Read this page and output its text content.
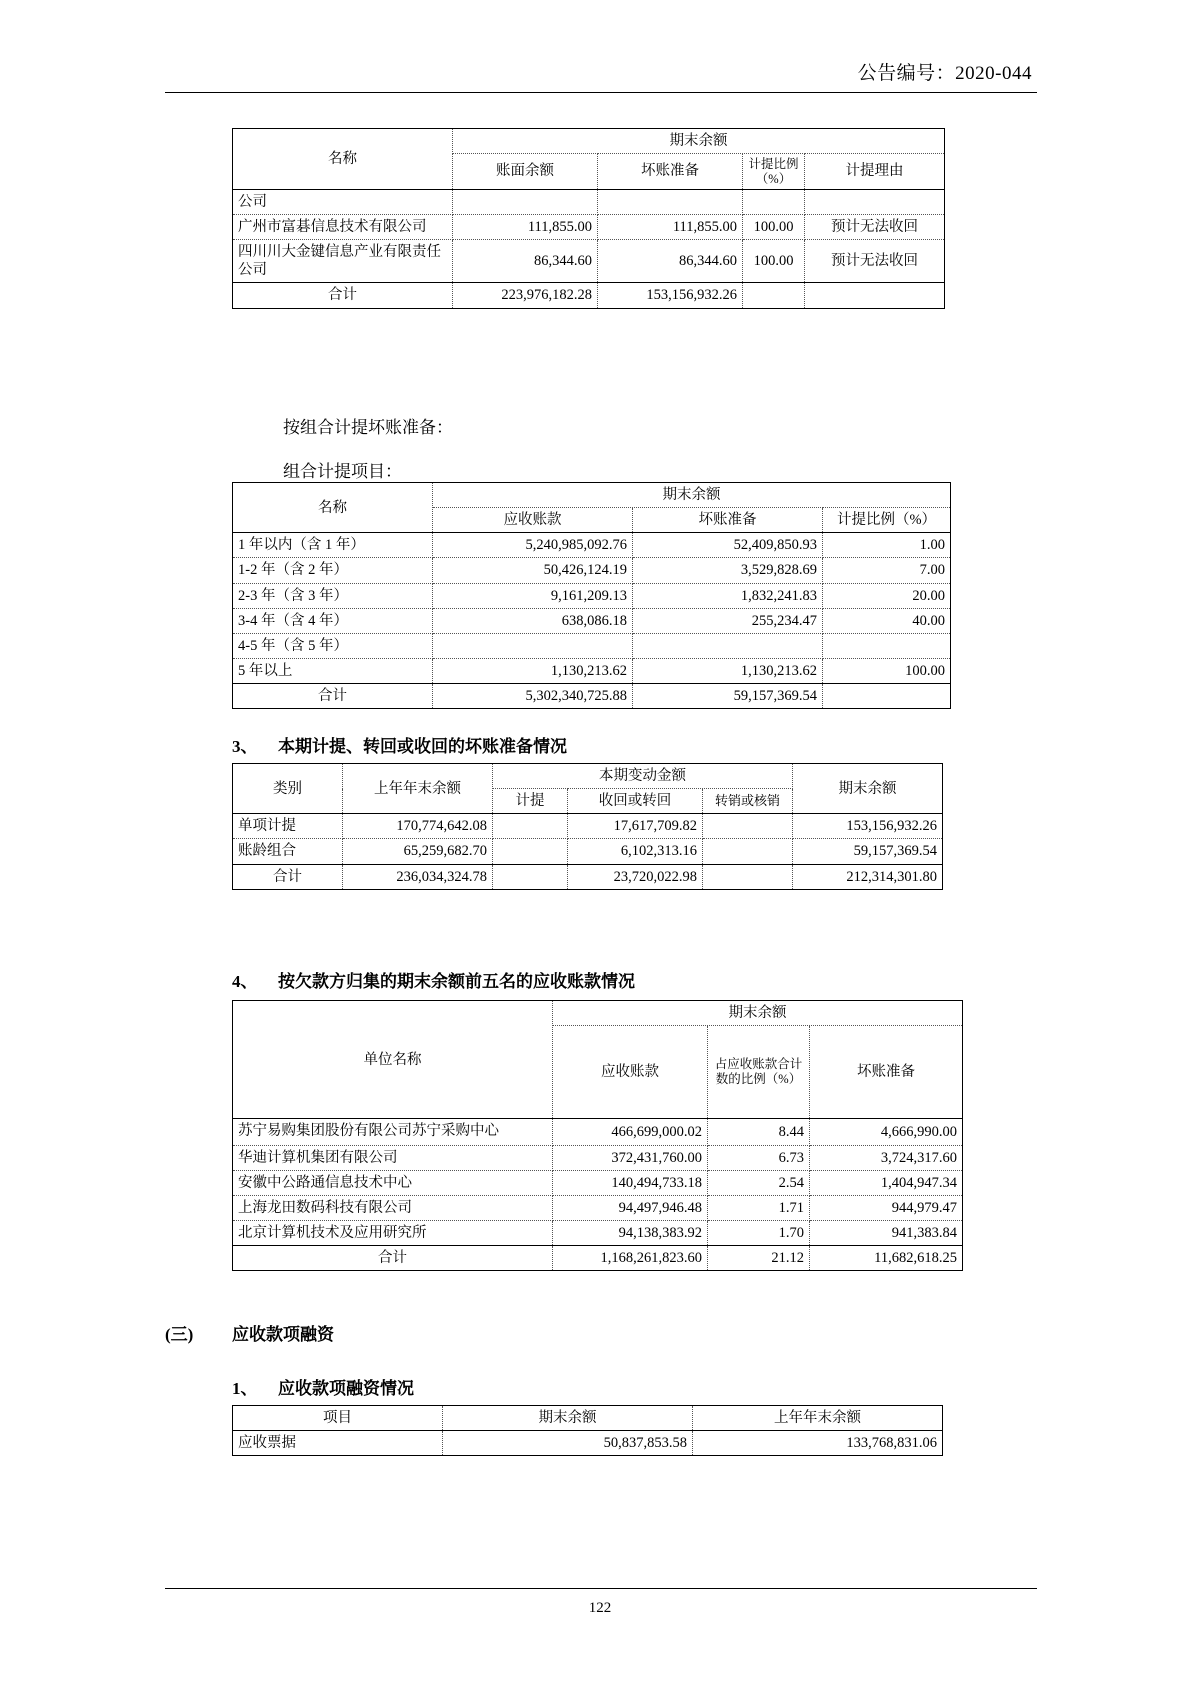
公告编号：2020-044
名称	期末余额			
	账面余额	坏账准备	计提比例（%）	计提理由
公司				
广州市富碁信息技术有限公司	111,855.00	111,855.00	100.00	预计无法收回
四川川大金键信息产业有限责任公司	86,344.60	86,344.60	100.00	预计无法收回
合计	223,976,182.28	153,156,932.26		
按组合计提坏账准备：
组合计提项目：
名称	期末余额		
	应收账款	坏账准备	计提比例（%）
1 年以内（含 1 年）	5,240,985,092.76	52,409,850.93	1.00
1-2 年（含 2 年）	50,426,124.19	3,529,828.69	7.00
2-3 年（含 3 年）	9,161,209.13	1,832,241.83	20.00
3-4 年（含 4 年）	638,086.18	255,234.47	40.00
4-5 年（含 5 年）			
5 年以上	1,130,213.62	1,130,213.62	100.00
合计	5,302,340,725.88	59,157,369.54	
3、 本期计提、转回或收回的坏账准备情况
类别	上年年末余额	本期变动金额			期末余额
		计提	收回或转回	转销或核销	
单项计提	170,774,642.08		17,617,709.82		153,156,932.26
账龄组合	65,259,682.70		6,102,313.16		59,157,369.54
合计	236,034,324.78		23,720,022.98		212,314,301.80
4、 按欠款方归集的期末余额前五名的应收账款情况
单位名称	期末余额		
	应收账款	占应收账款合计数的比例（%）	坏账准备
苏宁易购集团股份有限公司苏宁采购中心	466,699,000.02	8.44	4,666,990.00
华迪计算机集团有限公司	372,431,760.00	6.73	3,724,317.60
安徽中公路通信息技术中心	140,494,733.18	2.54	1,404,947.34
上海龙田数码科技有限公司	94,497,946.48	1.71	944,979.47
北京计算机技术及应用研究所	94,138,383.92	1.70	941,383.84
合计	1,168,261,823.60	21.12	11,682,618.25
(三) 应收款项融资
1、 应收款项融资情况
项目	期末余额	上年年末余额
应收票据	50,837,853.58	133,768,831.06
122
